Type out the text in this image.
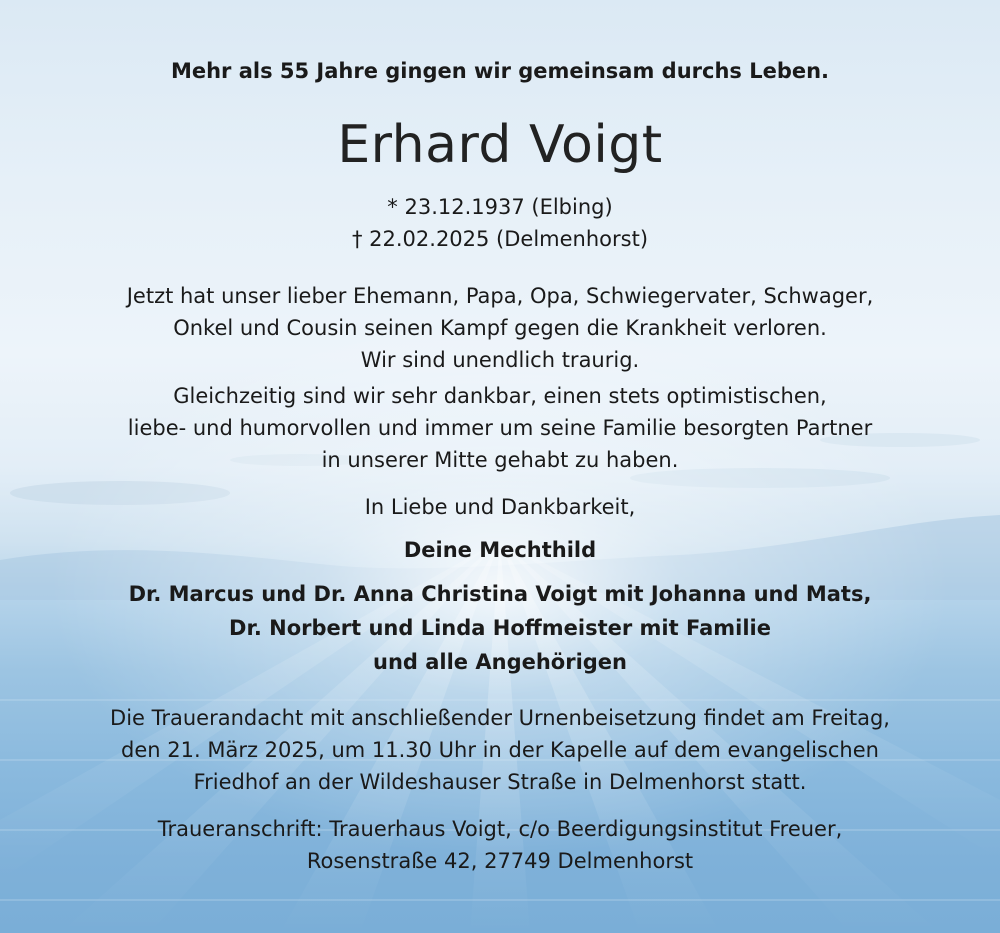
Mehr als 55 Jahre gingen wir gemeinsam durchs Leben.
Erhard Voigt
* 23.12.1937 (Elbing)
† 22.02.2025 (Delmenhorst)
Jetzt hat unser lieber Ehemann, Papa, Opa, Schwiegervater, Schwager,
Onkel und Cousin seinen Kampf gegen die Krankheit verloren.
Wir sind unendlich traurig.
Gleichzeitig sind wir sehr dankbar, einen stets optimistischen,
liebe- und humorvollen und immer um seine Familie besorgten Partner
in unserer Mitte gehabt zu haben.
In Liebe und Dankbarkeit,
Deine Mechthild
Dr. Marcus und Dr. Anna Christina Voigt mit Johanna und Mats,
Dr. Norbert und Linda Hoffmeister mit Familie
und alle Angehörigen
Die Trauerandacht mit anschließender Urnenbeisetzung findet am Freitag,
den 21. März 2025, um 11.30 Uhr in der Kapelle auf dem evangelischen
Friedhof an der Wildeshauser Straße in Delmenhorst statt.
Traueranschrift: Trauerhaus Voigt, c/o Beerdigungsinstitut Freuer,
Rosenstraße 42, 27749 Delmenhorst
